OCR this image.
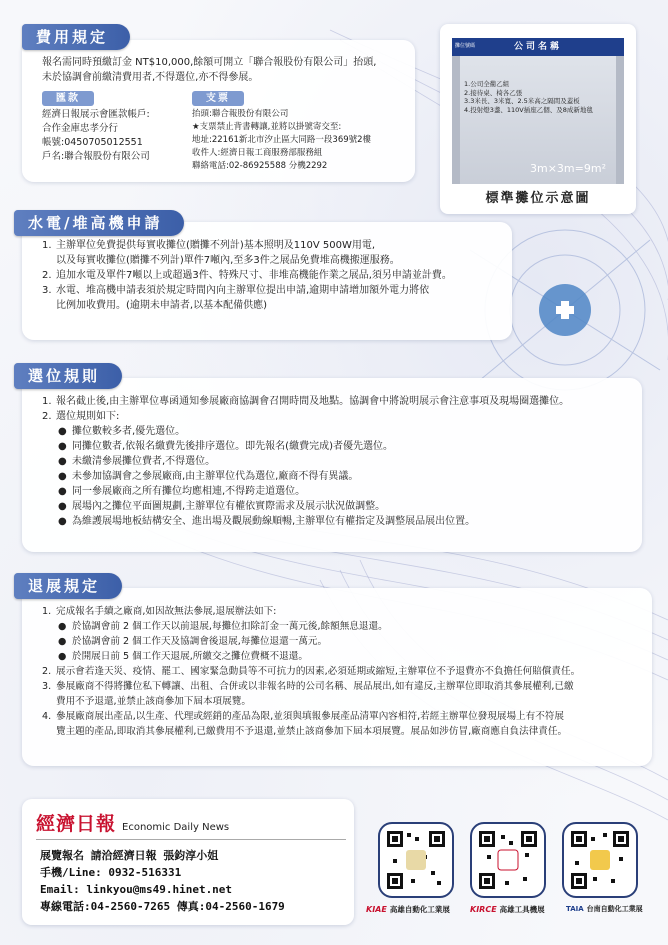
費用規定
報名需同時預繳訂金 NT$10,000,餘額可開立「聯合報股份有限公司」抬頭,
未於協調會前繳清費用者,不得選位,亦不得參展。
匯款
經濟日報展示會匯款帳戶:
合作金庫忠孝分行
帳號:0450705012551
戶名:聯合報股份有限公司
支票
抬頭:聯合報股份有限公司
★支票禁止背書轉讓,並將以掛號寄交至:
地址:22161新北市汐止區大同路一段369號2樓
收件人:經濟日報工商服務部服務組
聯絡電話:02-86925588 分機2292
公司名稱
攤位號碼
1.公司全衢乙組
2.接待桌、椅各乙張
3.3米長、3米寬、2.5米高之隔間及蓋板
4.投射燈3盞、110V插座乙個、及8成新地毯
3m×3m=9m²
標準攤位示意圖
水電/堆高機申請
1. 主辦單位免費提供每實收攤位(贈攤不列計)基本照明及110V 500W用電,
以及每實收攤位(贈攤不列計)單件7噸內,至多3件之展品免費堆高機搬運服務。
2. 追加水電及單件7噸以上或超過3件、特殊尺寸、非堆高機能作業之展品,須另申請並計費。
3. 水電、堆高機申請表須於規定時間內向主辦單位提出申請,逾期申請增加額外電力將依
比例加收費用。(逾期未申請者,以基本配備供應)
選位規則
1. 報名截止後,由主辦單位專函通知參展廠商協調會召開時間及地點。協調會中將說明展示會注意事項及現場圈選攤位。
2. 選位規則如下:
● 攤位數較多者,優先選位。
● 同攤位數者,依報名繳費先後排序選位。即先報名(繳費完成)者優先選位。
● 未繳清參展攤位費者,不得選位。
● 未參加協調會之參展廠商,由主辦單位代為選位,廠商不得有異議。
● 同一參展廠商之所有攤位均應相連,不得跨走道選位。
● 展場內之攤位平面圖規劃,主辦單位有權依實際需求及展示狀況做調整。
● 為維護展場地板結構安全、進出場及觀展動線順暢,主辦單位有權指定及調整展品展出位置。
退展規定
1. 完成報名手續之廠商,如因故無法參展,退展辦法如下:
● 於協調會前 2 個工作天以前退展,每攤位扣除訂金一萬元後,餘額無息退還。
● 於協調會前 2 個工作天及協調會後退展,每攤位退還一萬元。
● 於開展日前 5 個工作天退展,所繳交之攤位費概不退還。
2. 展示會若逢天災、疫情、罷工、國家緊急動員等不可抗力的因素,必須延期或縮短,主辦單位不予退費亦不負擔任何賠償責任。
3. 參展廠商不得將攤位私下轉讓、出租、合併或以非報名時的公司名稱、展品展出,如有違反,主辦單位即取消其參展權利,已繳
費用不予退還,並禁止該商參加下屆本項展覽。
4. 參展廠商展出產品,以生產、代理或經銷的產品為限,並須與填報參展產品清單內容相符,若經主辦單位發現展場上有不符展
覽主題的產品,即取消其參展權利,已繳費用不予退還,並禁止該商參加下屆本項展覽。展品如涉仿冒,廠商應自負法律責任。
經濟日報 Economic Daily News
展覽報名 請洽經濟日報 張鈞淳小姐
手機/Line: 0932-516331
Email: linkyou@ms49.hinet.net
專線電話:04-2560-7265 傳真:04-2560-1679	KIAE 高雄自動化工業展	KIRCE 高雄工具機展	TAIA 台南自動化工業展
